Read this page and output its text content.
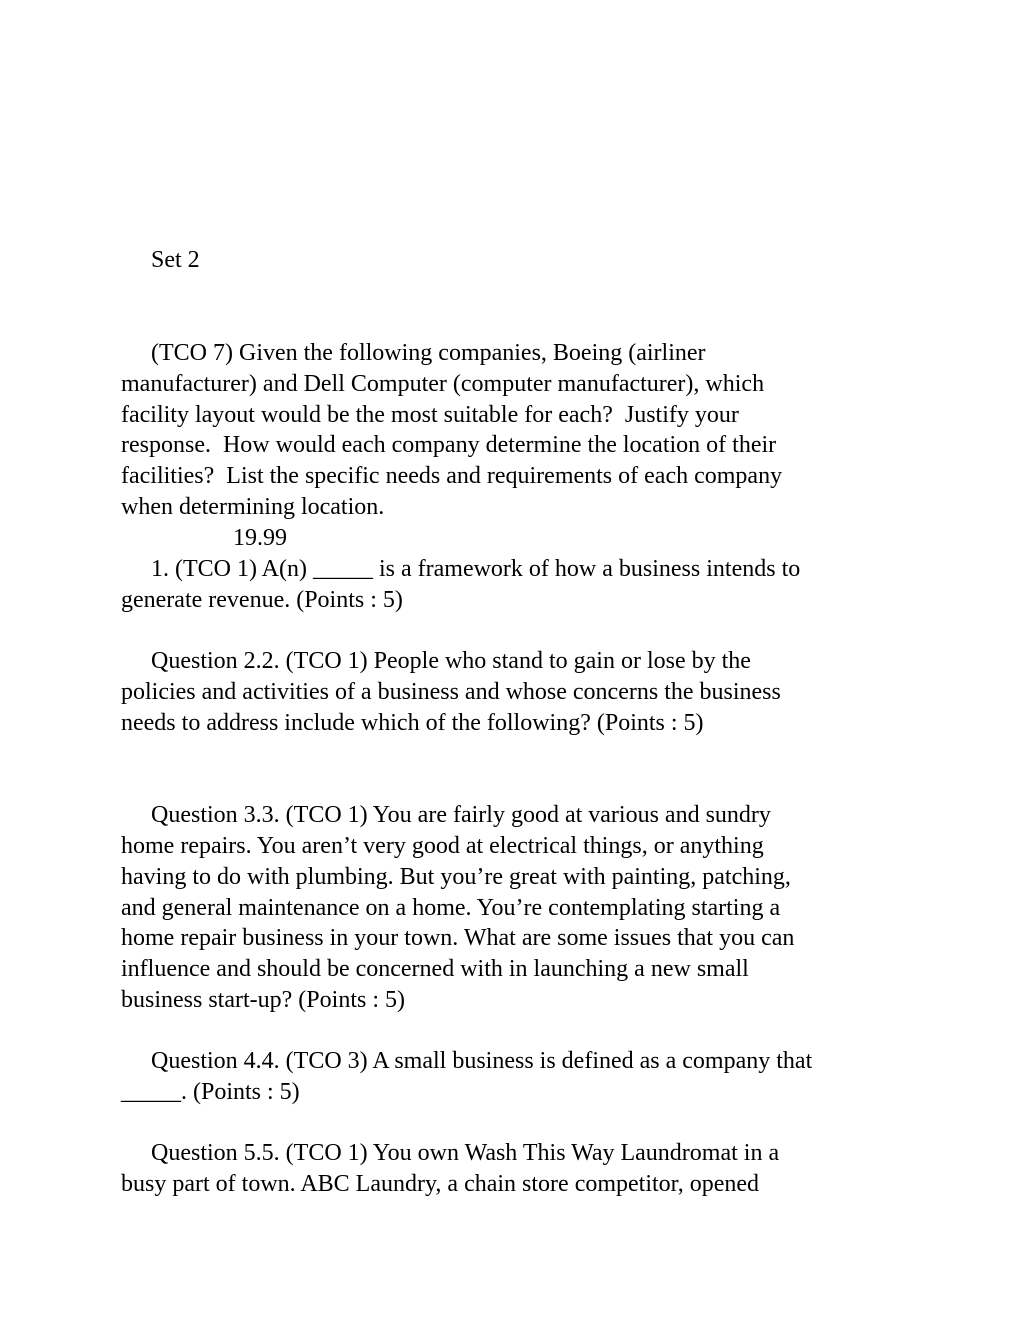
Set 2
(TCO 7) Given the following companies, Boeing (airliner
manufacturer) and Dell Computer (computer manufacturer), which
facility layout would be the most suitable for each?  Justify your
response.  How would each company determine the location of their
facilities?  List the specific needs and requirements of each company
when determining location.
19.99
1. (TCO 1) A(n) _____ is a framework of how a business intends to
generate revenue. (Points : 5)
Question 2.2. (TCO 1) People who stand to gain or lose by the
policies and activities of a business and whose concerns the business
needs to address include which of the following? (Points : 5)
Question 3.3. (TCO 1) You are fairly good at various and sundry
home repairs. You aren’t very good at electrical things, or anything
having to do with plumbing. But you’re great with painting, patching,
and general maintenance on a home. You’re contemplating starting a
home repair business in your town. What are some issues that you can
influence and should be concerned with in launching a new small
business start-up? (Points : 5)
Question 4.4. (TCO 3) A small business is defined as a company that
_____. (Points : 5)
Question 5.5. (TCO 1) You own Wash This Way Laundromat in a
busy part of town. ABC Laundry, a chain store competitor, opened
